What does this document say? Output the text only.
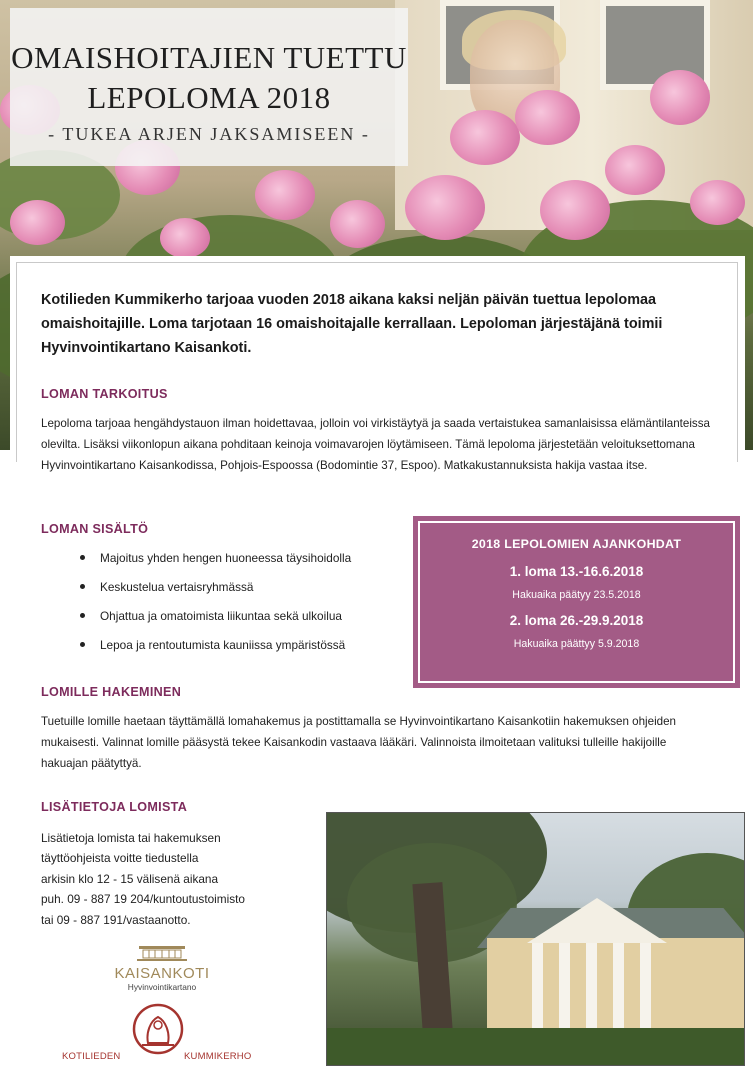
OMAISHOITAJIEN TUETTU
LEPOLOMA 2018
- TUKEA ARJEN JAKSAMISEEN -
Kotilieden Kummikerho tarjoaa vuoden 2018 aikana kaksi neljän päivän tuettua lepolomaa omaishoitajille. Loma tarjotaan 16 omaishoitajalle kerrallaan. Lepoloman järjestäjänä toimii Hyvinvointikartano Kaisankoti.
LOMAN TARKOITUS
Lepoloma tarjoaa hengähdystauon ilman hoidettavaa, jolloin voi virkistäytyä ja saada vertaistukea samanlaisissa elämäntilanteissa olevilta. Lisäksi viikonlopun aikana pohditaan keinoja voimavarojen löytämiseen. Tämä lepoloma järjestetään veloituksettomana Hyvinvointikartano Kaisankodissa, Pohjois-Espoossa (Bodomintie 37, Espoo). Matkakustannuksista hakija vastaa itse.
LOMAN SISÄLTÖ
Majoitus yhden hengen huoneessa täysihoidolla
Keskustelua vertaisryhmässä
Ohjattua ja omatoimista liikuntaa sekä ulkoilua
Lepoa ja rentoutumista kauniissa ympäristössä
2018 LEPOLOMIEN AJANKOHDAT
1. loma 13.-16.6.2018
Hakuaika päätyy 23.5.2018
2. loma 26.-29.9.2018
Hakuaika päättyy 5.9.2018
LOMILLE HAKEMINEN
Tuetuille lomille haetaan täyttämällä lomahakemus ja postittamalla se Hyvinvointikartano Kaisankotiin hakemuksen ohjeiden mukaisesti. Valinnat lomille pääsystä tekee Kaisankodin vastaava lääkäri. Valinnoista ilmoitetaan valituksi tulleille hakijoille hakuajan päätyttyä.
LISÄTIETOJA LOMISTA
Lisätietoja lomista tai hakemuksen
täyttöohjeista voitte tiedustella
arkisin klo 12 - 15 välisenä aikana
puh. 09 - 887 19 204/kuntoutustoimisto
tai 09 - 887 191/vastaanotto.
KAISANKOTI
Hyvinvointikartano
KOTILIEDEN	KUMMIKERHO
